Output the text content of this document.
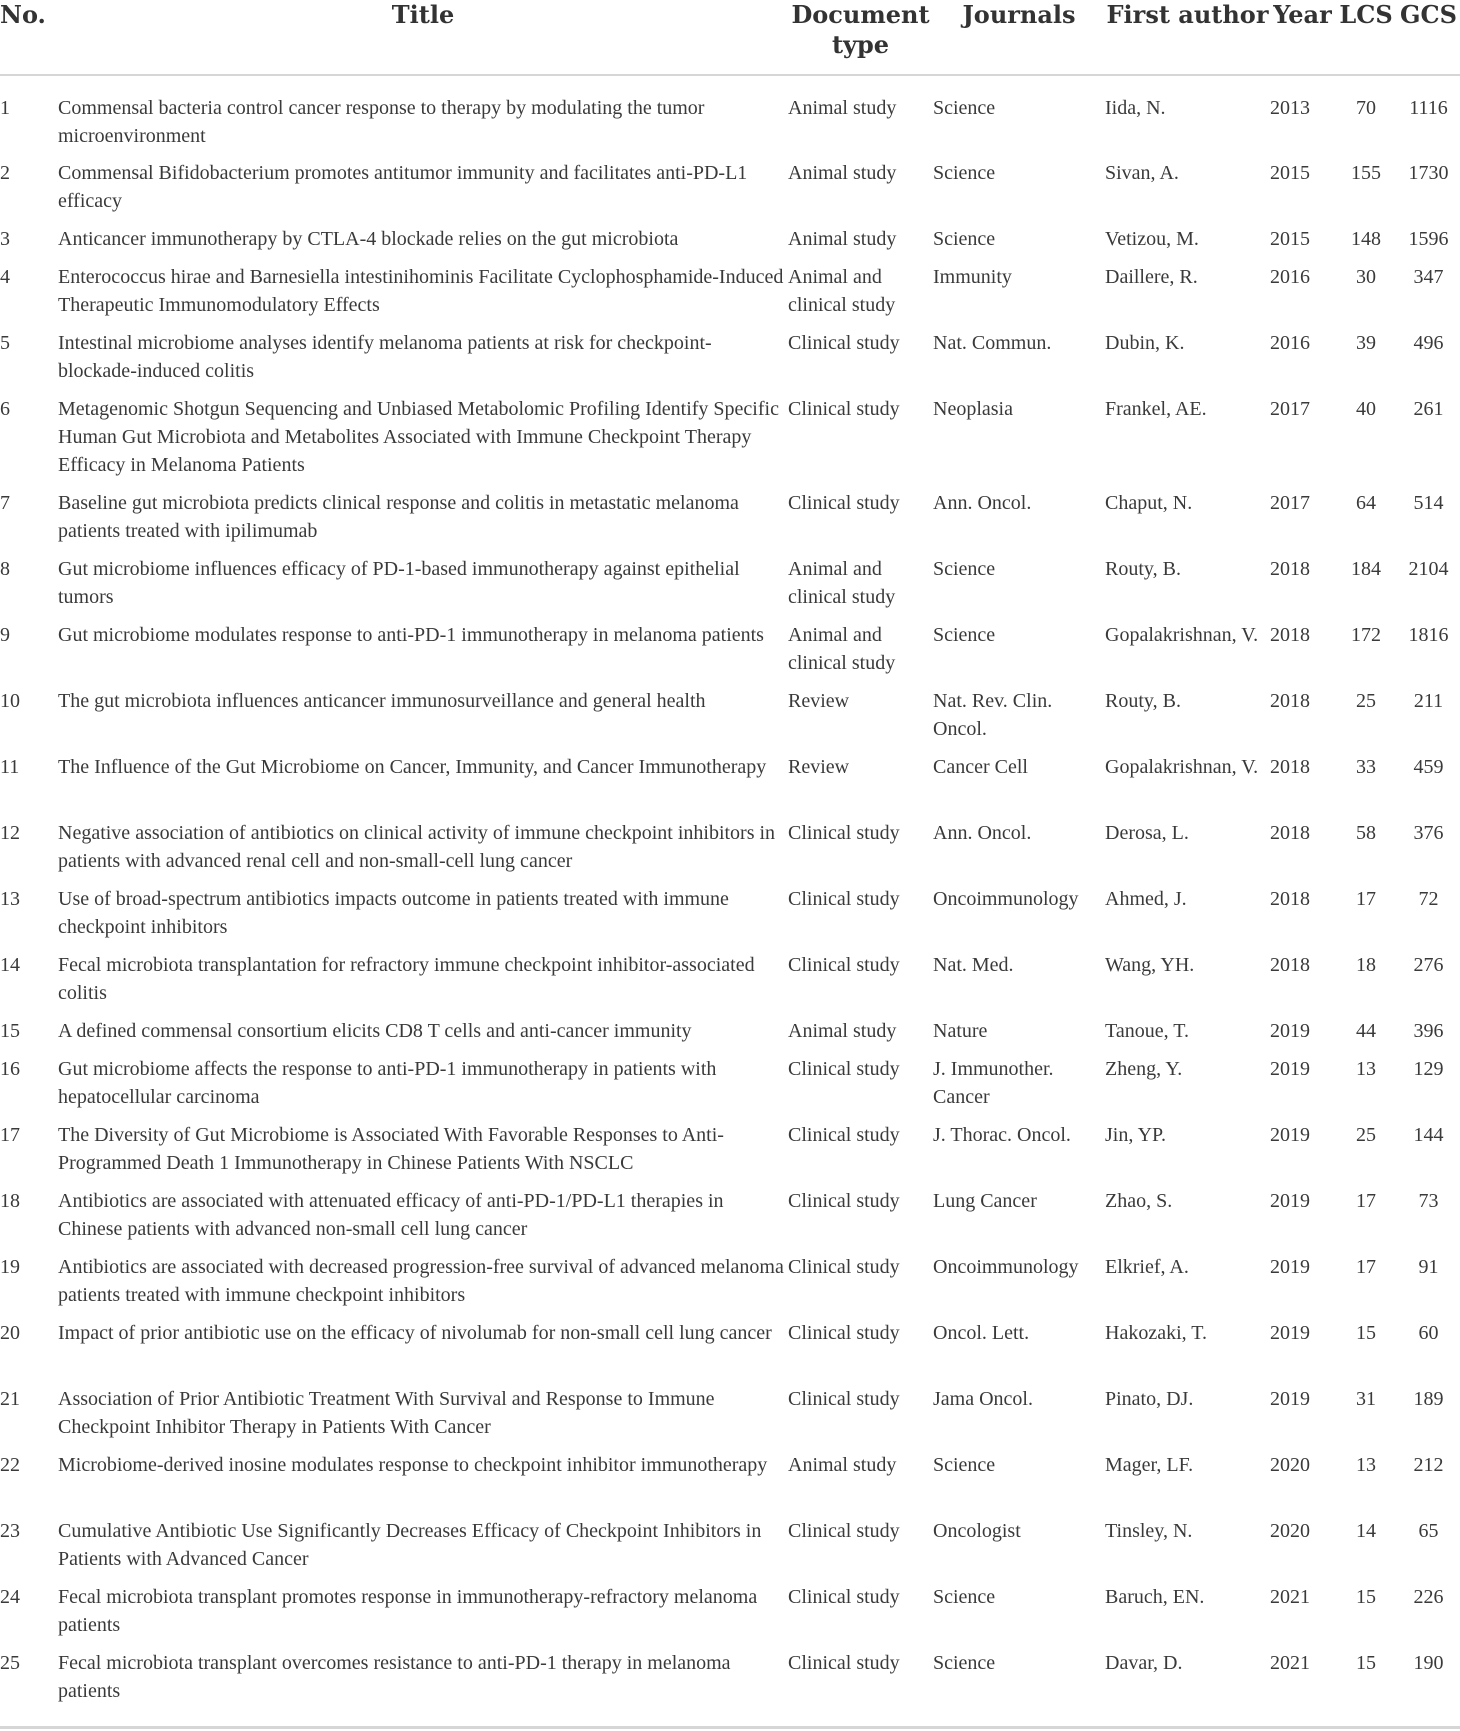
No.	Title	Document type	Journals	First author	Year	LCS	GCS
1	Commensal bacteria control cancer response to therapy by modulating the tumor microenvironment	Animal study	Science	Iida, N.	2013	70	1116
2	Commensal Bifidobacterium promotes antitumor immunity and facilitates anti-PD-L1 efficacy	Animal study	Science	Sivan, A.	2015	155	1730
3	Anticancer immunotherapy by CTLA-4 blockade relies on the gut microbiota	Animal study	Science	Vetizou, M.	2015	148	1596
4	Enterococcus hirae and Barnesiella intestinihominis Facilitate Cyclophosphamide-Induced Therapeutic Immunomodulatory Effects	Animal and clinical study	Immunity	Daillere, R.	2016	30	347
5	Intestinal microbiome analyses identify melanoma patients at risk for checkpoint-blockade-induced colitis	Clinical study	Nat. Commun.	Dubin, K.	2016	39	496
6	Metagenomic Shotgun Sequencing and Unbiased Metabolomic Profiling Identify Specific Human Gut Microbiota and Metabolites Associated with Immune Checkpoint Therapy Efficacy in Melanoma Patients	Clinical study	Neoplasia	Frankel, AE.	2017	40	261
7	Baseline gut microbiota predicts clinical response and colitis in metastatic melanoma patients treated with ipilimumab	Clinical study	Ann. Oncol.	Chaput, N.	2017	64	514
8	Gut microbiome influences efficacy of PD-1-based immunotherapy against epithelial tumors	Animal and clinical study	Science	Routy, B.	2018	184	2104
9	Gut microbiome modulates response to anti-PD-1 immunotherapy in melanoma patients	Animal and clinical study	Science	Gopalakrishnan, V.	2018	172	1816
10	The gut microbiota influences anticancer immunosurveillance and general health	Review	Nat. Rev. Clin. Oncol.	Routy, B.	2018	25	211
11	The Influence of the Gut Microbiome on Cancer, Immunity, and Cancer Immunotherapy	Review	Cancer Cell	Gopalakrishnan, V.	2018	33	459
12	Negative association of antibiotics on clinical activity of immune checkpoint inhibitors in patients with advanced renal cell and non-small-cell lung cancer	Clinical study	Ann. Oncol.	Derosa, L.	2018	58	376
13	Use of broad-spectrum antibiotics impacts outcome in patients treated with immune checkpoint inhibitors	Clinical study	Oncoimmunology	Ahmed, J.	2018	17	72
14	Fecal microbiota transplantation for refractory immune checkpoint inhibitor-associated colitis	Clinical study	Nat. Med.	Wang, YH.	2018	18	276
15	A defined commensal consortium elicits CD8 T cells and anti-cancer immunity	Animal study	Nature	Tanoue, T.	2019	44	396
16	Gut microbiome affects the response to anti-PD-1 immunotherapy in patients with hepatocellular carcinoma	Clinical study	J. Immunother. Cancer	Zheng, Y.	2019	13	129
17	The Diversity of Gut Microbiome is Associated With Favorable Responses to Anti-Programmed Death 1 Immunotherapy in Chinese Patients With NSCLC	Clinical study	J. Thorac. Oncol.	Jin, YP.	2019	25	144
18	Antibiotics are associated with attenuated efficacy of anti-PD-1/PD-L1 therapies in Chinese patients with advanced non-small cell lung cancer	Clinical study	Lung Cancer	Zhao, S.	2019	17	73
19	Antibiotics are associated with decreased progression-free survival of advanced melanoma patients treated with immune checkpoint inhibitors	Clinical study	Oncoimmunology	Elkrief, A.	2019	17	91
20	Impact of prior antibiotic use on the efficacy of nivolumab for non-small cell lung cancer	Clinical study	Oncol. Lett.	Hakozaki, T.	2019	15	60
21	Association of Prior Antibiotic Treatment With Survival and Response to Immune Checkpoint Inhibitor Therapy in Patients With Cancer	Clinical study	Jama Oncol.	Pinato, DJ.	2019	31	189
22	Microbiome-derived inosine modulates response to checkpoint inhibitor immunotherapy	Animal study	Science	Mager, LF.	2020	13	212
23	Cumulative Antibiotic Use Significantly Decreases Efficacy of Checkpoint Inhibitors in Patients with Advanced Cancer	Clinical study	Oncologist	Tinsley, N.	2020	14	65
24	Fecal microbiota transplant promotes response in immunotherapy-refractory melanoma patients	Clinical study	Science	Baruch, EN.	2021	15	226
25	Fecal microbiota transplant overcomes resistance to anti-PD-1 therapy in melanoma patients	Clinical study	Science	Davar, D.	2021	15	190
